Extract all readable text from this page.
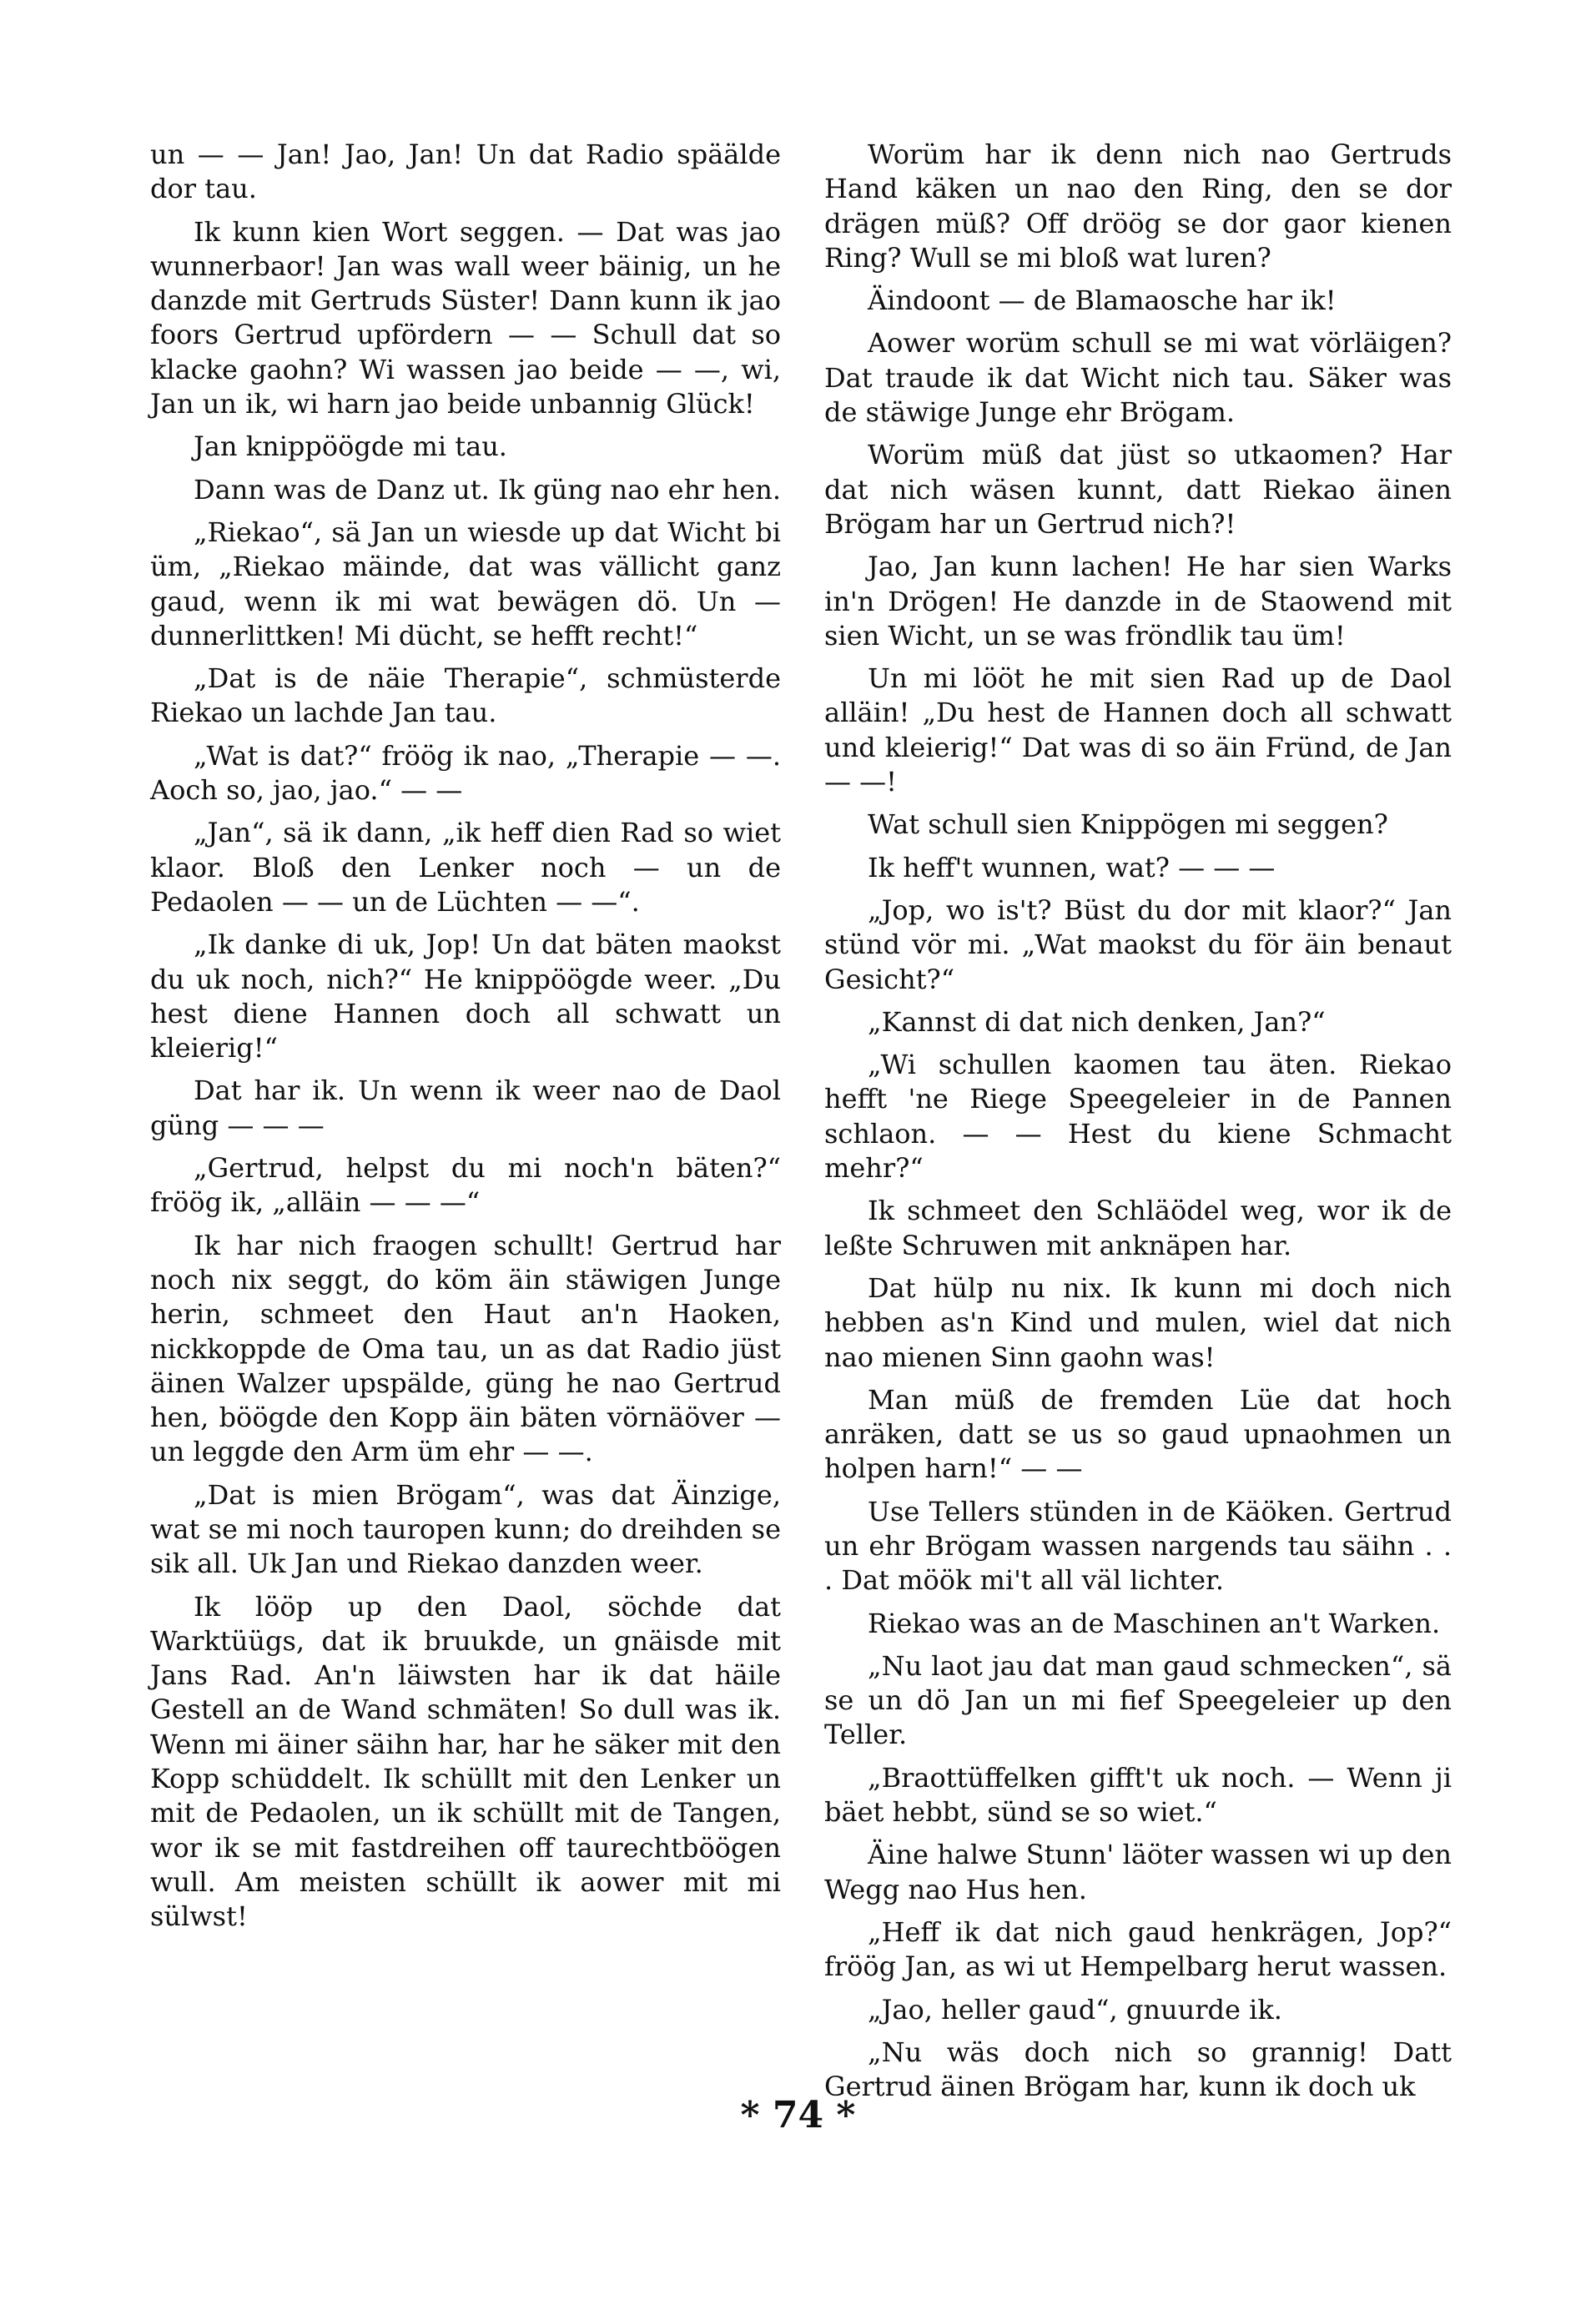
un — — Jan! Jao, Jan! Un dat Radio späälde dor tau.

Ik kunn kien Wort seggen. — Dat was jao wunnerbaor! Jan was wall weer bäinig, un he danzde mit Gertruds Süster! Dann kunn ik jao foors Gertrud upfördern — — Schull dat so klacke gaohn? Wi wassen jao beide — —, wi, Jan un ik, wi harn jao beide unbannig Glück!

Jan knippöögde mi tau.

Dann was de Danz ut. Ik güng nao ehr hen.

„Riekao“, sä Jan un wiesde up dat Wicht bi üm, „Riekao mäinde, dat was vällicht ganz gaud, wenn ik mi wat bewägen dö. Un — dunnerlittken! Mi dücht, se hefft recht!“

„Dat is de näie Therapie“, schmüsterde Riekao un lachde Jan tau.

„Wat is dat?“ fröög ik nao, „Therapie — —. Aoch so, jao, jao.“ — —

„Jan“, sä ik dann, „ik heff dien Rad so wiet klaor. Bloß den Lenker noch — un de Pedaolen — — un de Lüchten — —“.

„Ik danke di uk, Jop! Un dat bäten maokst du uk noch, nich?“ He knippöögde weer. „Du hest diene Hannen doch all schwatt un kleierig!“

Dat har ik. Un wenn ik weer nao de Daol güng — — —

„Gertrud, helpst du mi noch'n bäten?“ fröög ik, „alläin — — —“

Ik har nich fraogen schullt! Gertrud har noch nix seggt, do köm äin stäwigen Junge herin, schmeet den Haut an'n Haoken, nickkoppde de Oma tau, un as dat Radio jüst äinen Walzer upspälde, güng he nao Gertrud hen, böögde den Kopp äin bäten vörnäöver — un leggde den Arm üm ehr — —.

„Dat is mien Brögam“, was dat Äinzige, wat se mi noch tauropen kunn; do dreihden se sik all. Uk Jan und Riekao danzden weer.

Ik lööp up den Daol, söchde dat Warktüügs, dat ik bruukde, un gnäisde mit Jans Rad. An'n läiwsten har ik dat häile Gestell an de Wand schmäten! So dull was ik. Wenn mi äiner säihn har, har he säker mit den Kopp schüddelt. Ik schüllt mit den Lenker un mit de Pedaolen, un ik schüllt mit de Tangen, wor ik se mit fastdreihen off taurechtböögen wull. Am meisten schüllt ik aower mit mi sülwst!

Worüm har ik denn nich nao Gertruds Hand käken un nao den Ring, den se dor drägen müß? Off dröög se dor gaor kienen Ring? Wull se mi bloß wat luren?

Äindoont — de Blamaosche har ik!

Aower worüm schull se mi wat vörläigen? Dat traude ik dat Wicht nich tau. Säker was de stäwige Junge ehr Brögam.

Worüm müß dat jüst so utkaomen? Har dat nich wäsen kunnt, datt Riekao äinen Brögam har un Gertrud nich?!

Jao, Jan kunn lachen! He har sien Warks in'n Drögen! He danzde in de Staowend mit sien Wicht, un se was fröndlik tau üm!

Un mi lööt he mit sien Rad up de Daol alläin! „Du hest de Hannen doch all schwatt und kleierig!“ Dat was di so äin Fründ, de Jan — —!

Wat schull sien Knippögen mi seggen?

Ik heff't wunnen, wat? — — —

„Jop, wo is't? Büst du dor mit klaor?“ Jan stünd vör mi. „Wat maokst du för äin benaut Gesicht?“

„Kannst di dat nich denken, Jan?“

„Wi schullen kaomen tau äten. Riekao hefft 'ne Riege Speegeleier in de Pannen schlaon. — — Hest du kiene Schmacht mehr?“

Ik schmeet den Schläödel weg, wor ik de leßte Schruwen mit anknäpen har.

Dat hülp nu nix. Ik kunn mi doch nich hebben as'n Kind und mulen, wiel dat nich nao mienen Sinn gaohn was!

Man müß de fremden Lüe dat hoch anräken, datt se us so gaud upnaohmen un holpen harn!“ — —

Use Tellers stünden in de Käöken. Gertrud un ehr Brögam wassen nargends tau säihn . . . Dat möök mi't all väl lichter.

Riekao was an de Maschinen an't Warken.

„Nu laot jau dat man gaud schmecken“, sä se un dö Jan un mi fief Speegeleier up den Teller.

„Braottüffelken gifft't uk noch. — Wenn ji bäet hebbt, sünd se so wiet.“

Äine halwe Stunn' läöter wassen wi up den Wegg nao Hus hen.

„Heff ik dat nich gaud henkrägen, Jop?“ fröög Jan, as wi ut Hempelbarg herut wassen.

„Jao, heller gaud“, gnuurde ik.

„Nu wäs doch nich so grannig! Datt Gertrud äinen Brögam har, kunn ik doch uk

* 74 *
